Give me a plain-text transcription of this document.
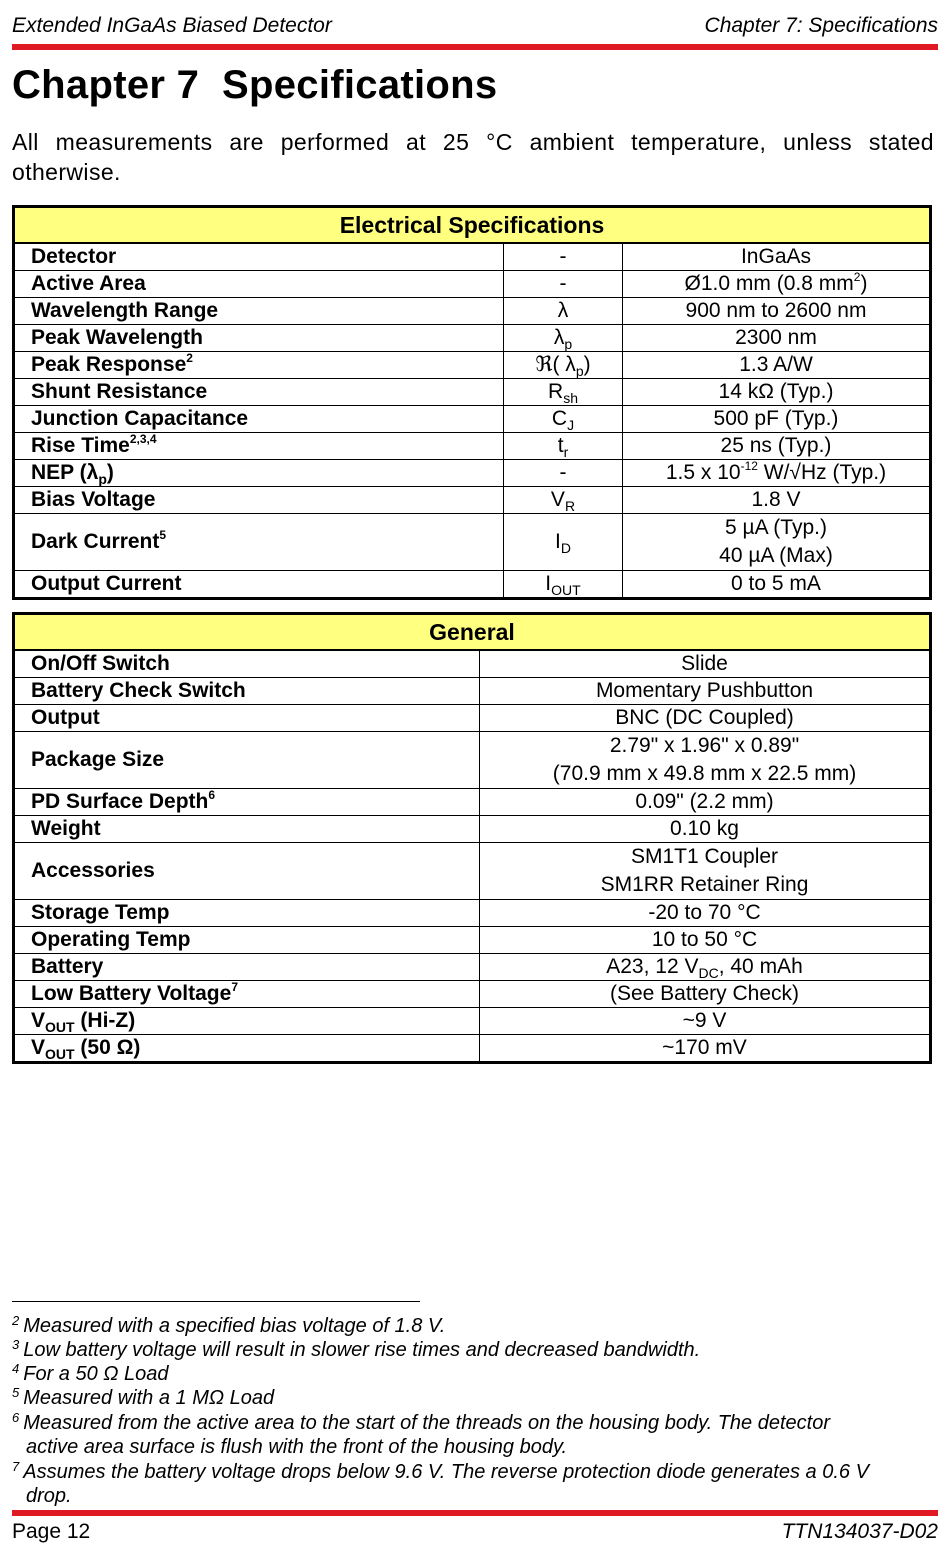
Extended InGaAs Biased Detector	Chapter 7: Specifications
Chapter 7  Specifications

All measurements are performed at 25 °C ambient temperature, unless stated otherwise.

Electrical Specifications		
Detector	-	InGaAs
Active Area	-	Ø1.0 mm (0.8 $mm^2$)
Wavelength Range	λ	900 nm to 2600 nm
Peak Wavelength	$\lambda_p$	2300 nm
Peak Response$^2$	ℜ( $\lambda_p$)	1.3 A/W
Shunt Resistance	$R_{sh}$	14 kΩ (Typ.)
Junction Capacitance	$C_J$	500 pF (Typ.)
Rise Time$^{2,3,4}$	$t_r$	25 ns (Typ.)
NEP $(\lambda_p)$	-	1.5 x $10^{-12}$ W/√Hz (Typ.)
Bias Voltage	$V_R$	1.8 V
Dark Current$^5$	$I_D$	5 µA (Typ.)
40 µA (Max)

Output Current	$I_{OUT}$	0 to 5 mA
General	
On/Off Switch	Slide
Battery Check Switch	Momentary Pushbutton
Output	BNC (DC Coupled)
Package Size	2.79" x 1.96" x 0.89"
(70.9 mm x 49.8 mm x 22.5 mm)

PD Surface Depth$^6$	0.09" (2.2 mm)
Weight	0.10 kg
Accessories	SM1T1 Coupler
SM1RR Retainer Ring

Storage Temp	-20 to 70 °C
Operating Temp	10 to 50 °C
Battery	A23, 12 $V_{DC}$, 40 mAh
Low Battery Voltage$^7$	(See Battery Check)
$V_{OUT}$ (Hi-Z)	~9 V
$V_{OUT}$ (50 Ω)	~170 mV
$^2$ Measured with a specified bias voltage of 1.8 V.
$^3$ Low battery voltage will result in slower rise times and decreased bandwidth.
$^4$ For a 50 Ω Load
$^5$ Measured with a 1 MΩ Load
$^6$ Measured from the active area to the start of the threads on the housing body. The detector
active area surface is flush with the front of the housing body.
$^7$ Assumes the battery voltage drops below 9.6 V. The reverse protection diode generates a 0.6 V
drop.
Page 12	TTN134037-D02
